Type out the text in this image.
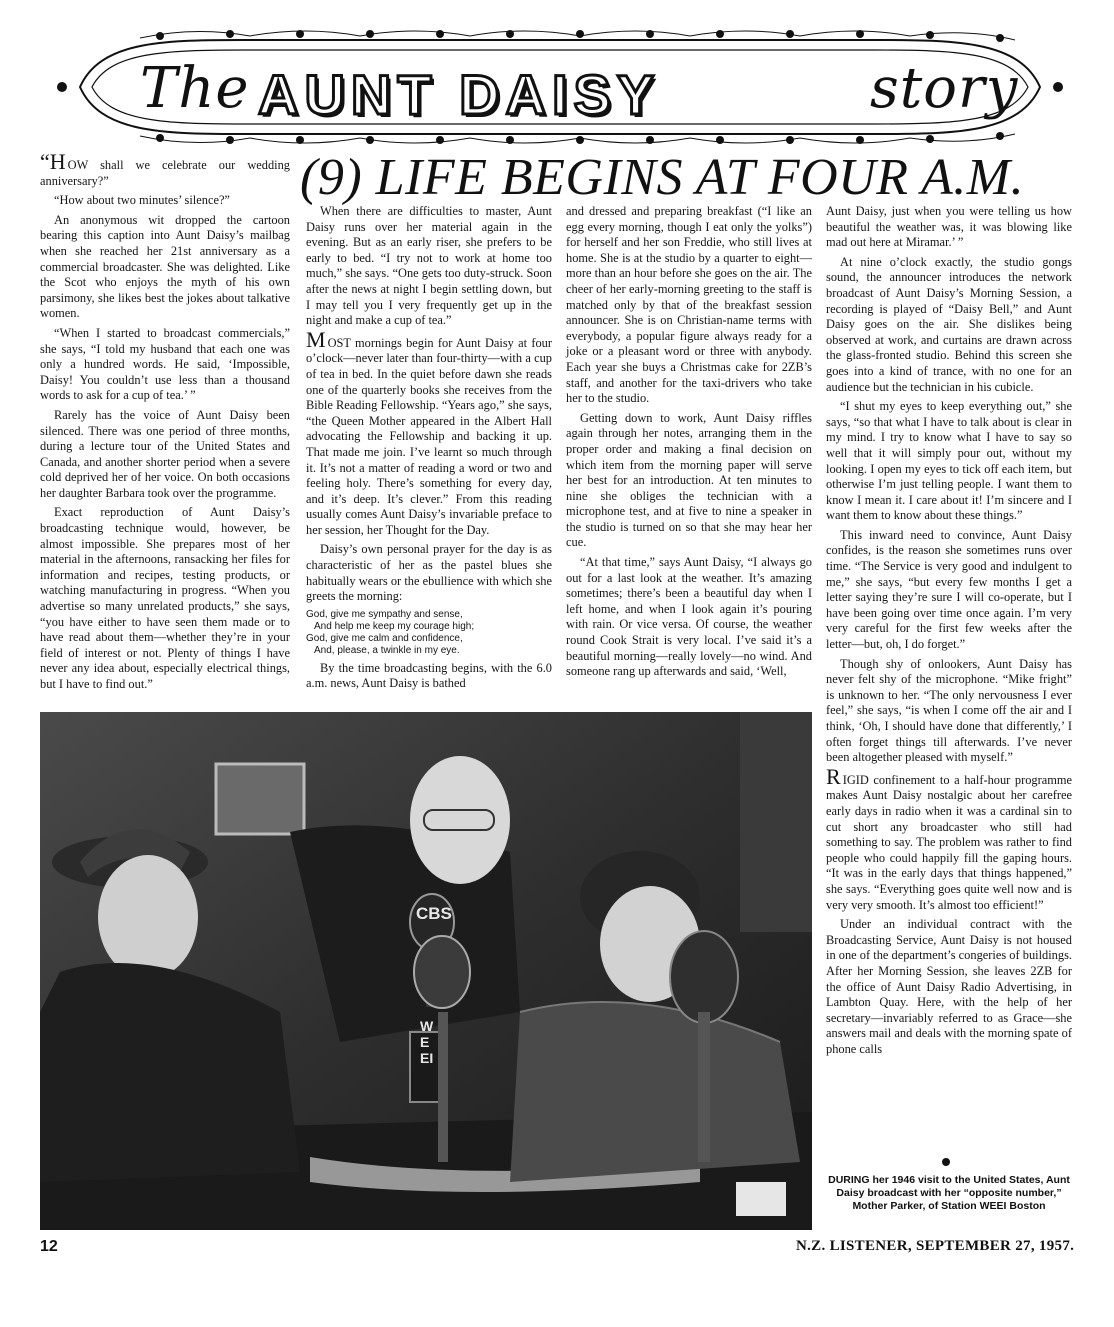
The AUNT DAISY	story
(9) LIFE BEGINS AT FOUR A.M.

“HOW shall we celebrate our wedding anniversary?”

“How about two minutes’ silence?”

An anonymous wit dropped the cartoon bearing this caption into Aunt Daisy’s mailbag when she reached her 21st anniversary as a commercial broadcaster. She was delighted. Like the Scot who enjoys the myth of his own parsimony, she likes best the jokes about talkative women.

“When I started to broadcast commercials,” she says, “I told my husband that each one was only a hundred words. He said, ‘Impossible, Daisy! You couldn’t use less than a thousand words to ask for a cup of tea.’ ”

Rarely has the voice of Aunt Daisy been silenced. There was one period of three months, during a lecture tour of the United States and Canada, and another shorter period when a severe cold deprived her of her voice. On both occasions her daughter Barbara took over the programme.

Exact reproduction of Aunt Daisy’s broadcasting technique would, however, be almost impossible. She prepares most of her material in the afternoons, ransacking her files for information and recipes, testing products, or watching manufacturing in progress. “When you advertise so many unrelated products,” she says, “you have either to have seen them made or to have read about them—whether they’re in your field of interest or not. Plenty of things I have never any idea about, especially electrical things, but I have to find out.”

When there are difficulties to master, Aunt Daisy runs over her material again in the evening. But as an early riser, she prefers to be early to bed. “I try not to work at home too much,” she says. “One gets too duty-struck. Soon after the news at night I begin settling down, but I may tell you I very frequently get up in the night and make a cup of tea.”

MOST mornings begin for Aunt Daisy at four o’clock—never later than four-thirty—with a cup of tea in bed. In the quiet before dawn she reads one of the quarterly books she receives from the Bible Reading Fellowship. “Years ago,” she says, “the Queen Mother appeared in the Albert Hall advocating the Fellowship and backing it up. That made me join. I’ve learnt so much through it. It’s not a matter of reading a word or two and feeling holy. There’s something for every day, and it’s deep. It’s clever.” From this reading usually comes Aunt Daisy’s invariable preface to her session, her Thought for the Day.

Daisy’s own personal prayer for the day is as characteristic of her as the pastel blues she habitually wears or the ebullience with which she greets the morning:

God, give me sympathy and sense,
And help me keep my courage high;
God, give me calm and confidence,
And, please, a twinkle in my eye.

By the time broadcasting begins, with the 6.0 a.m. news, Aunt Daisy is bathed

and dressed and preparing breakfast (“I like an egg every morning, though I eat only the yolks”) for herself and her son Freddie, who still lives at home. She is at the studio by a quarter to eight—more than an hour before she goes on the air. The cheer of her early-morning greeting to the staff is matched only by that of the breakfast session announcer. She is on Christian-name terms with everybody, a popular figure always ready for a joke or a pleasant word or three with anybody. Each year she buys a Christmas cake for 2ZB’s staff, and another for the taxi-drivers who take her to the studio.

Getting down to work, Aunt Daisy riffles again through her notes, arranging them in the proper order and making a final decision on which item from the morning paper will serve her best for an introduction. At ten minutes to nine she obliges the technician with a microphone test, and at five to nine a speaker in the studio is turned on so that she may hear her cue.

“At that time,” says Aunt Daisy, “I always go out for a last look at the weather. It’s amazing sometimes; there’s been a beautiful day when I left home, and when I look again it’s pouring with rain. Or vice versa. Of course, the weather round Cook Strait is very local. I’ve said it’s a beautiful morning—really lovely—no wind. And someone rang up afterwards and said, ‘Well,

Aunt Daisy, just when you were telling us how beautiful the weather was, it was blowing like mad out here at Miramar.’ ”

At nine o’clock exactly, the studio gongs sound, the announcer introduces the network broadcast of Aunt Daisy’s Morning Session, a recording is played of “Daisy Bell,” and Aunt Daisy goes on the air. She dislikes being observed at work, and curtains are drawn across the glass-fronted studio. Behind this screen she goes into a kind of trance, with no one for an audience but the technician in his cubicle.

“I shut my eyes to keep everything out,” she says, “so that what I have to talk about is clear in my mind. I try to know what I have to say so well that it will simply pour out, without my looking. I open my eyes to tick off each item, but otherwise I’m just telling people. I want them to know I mean it. I care about it! I’m sincere and I want them to know about these things.”

This inward need to convince, Aunt Daisy confides, is the reason she sometimes runs over time. “The Service is very good and indulgent to me,” she says, “but every few months I get a letter saying they’re sure I will co-operate, but I have been going over time once again. I’m very very careful for the first few weeks after the letter—but, oh, I do forget.”

Though shy of onlookers, Aunt Daisy has never felt shy of the microphone. “Mike fright” is unknown to her. “The only nervousness I ever feel,” she says, “is when I come off the air and I think, ‘Oh, I should have done that differently,’ I often forget things till afterwards. I’ve never been altogether pleased with myself.”

RIGID confinement to a half-hour programme makes Aunt Daisy nostalgic about her carefree early days in radio when it was a cardinal sin to cut short any broadcaster who still had something to say. The problem was rather to find people who could happily fill the gaping hours. “It was in the early days that things happened,” she says. “Everything goes quite well now and is very very smooth. It’s almost too efficient!”

Under an individual contract with the Broadcasting Service, Aunt Daisy is not housed in one of the department’s congeries of buildings. After her Morning Session, she leaves 2ZB for the office of Aunt Daisy Radio Advertising, in Lambton Quay. Here, with the help of her secretary—invariably referred to as Grace—she answers mail and deals with the morning spate of phone calls

CBS
WEEI
DURING her 1946 visit to the United States, Aunt Daisy broadcast with her “opposite number,” Mother Parker, of Station WEEI Boston
12	N.Z. LISTENER, SEPTEMBER 27, 1957.
